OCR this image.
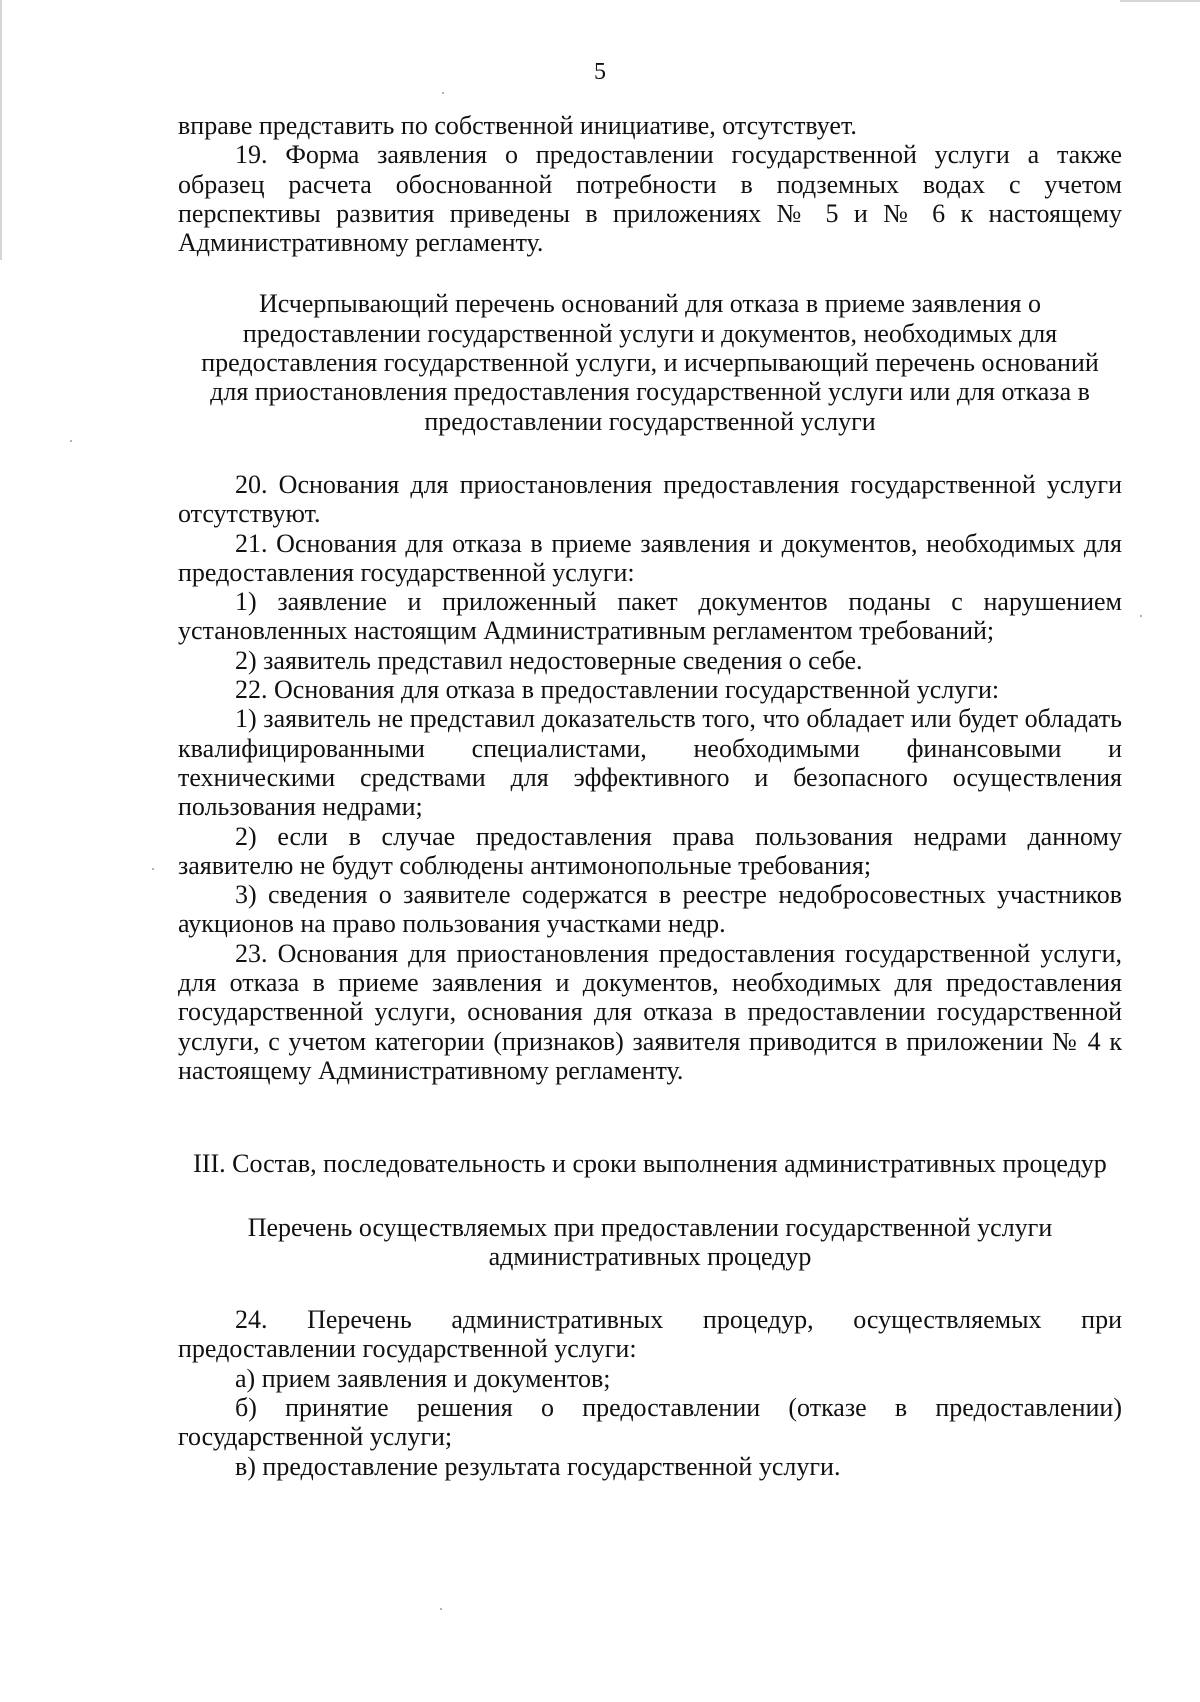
5

вправе представить по собственной инициативе, отсутствует.

19. Форма заявления о предоставлении государственной услуги а также образец расчета обоснованной потребности в подземных водах с учетом перспективы развития приведены в приложениях № 5 и № 6 к настоящему Административному регламенту.

Исчерпывающий перечень оснований для отказа в приеме заявления о предоставлении государственной услуги и документов, необходимых для предоставления государственной услуги, и исчерпывающий перечень оснований для приостановления предоставления государственной услуги или для отказа в предоставлении государственной услуги

20. Основания для приостановления предоставления государственной услуги отсутствуют.

21. Основания для отказа в приеме заявления и документов, необходимых для предоставления государственной услуги:

1) заявление и приложенный пакет документов поданы с нарушением установленных настоящим Административным регламентом требований;

2) заявитель представил недостоверные сведения о себе.

22. Основания для отказа в предоставлении государственной услуги:

1) заявитель не представил доказательств того, что обладает или будет обладать квалифицированными специалистами, необходимыми финансовыми и техническими средствами для эффективного и безопасного осуществления пользования недрами;

2) если в случае предоставления права пользования недрами данному заявителю не будут соблюдены антимонопольные требования;

3) сведения о заявителе содержатся в реестре недобросовестных участников аукционов на право пользования участками недр.

23. Основания для приостановления предоставления государственной услуги, для отказа в приеме заявления и документов, необходимых для предоставления государственной услуги, основания для отказа в предоставлении государственной услуги, с учетом категории (признаков) заявителя приводится в приложении № 4 к настоящему Административному регламенту.

III. Состав, последовательность и сроки выполнения административных процедур

Перечень осуществляемых при предоставлении государственной услуги административных процедур

24. Перечень административных процедур, осуществляемых при предоставлении государственной услуги:

а) прием заявления и документов;

б) принятие решения о предоставлении (отказе в предоставлении) государственной услуги;

в) предоставление результата государственной услуги.
